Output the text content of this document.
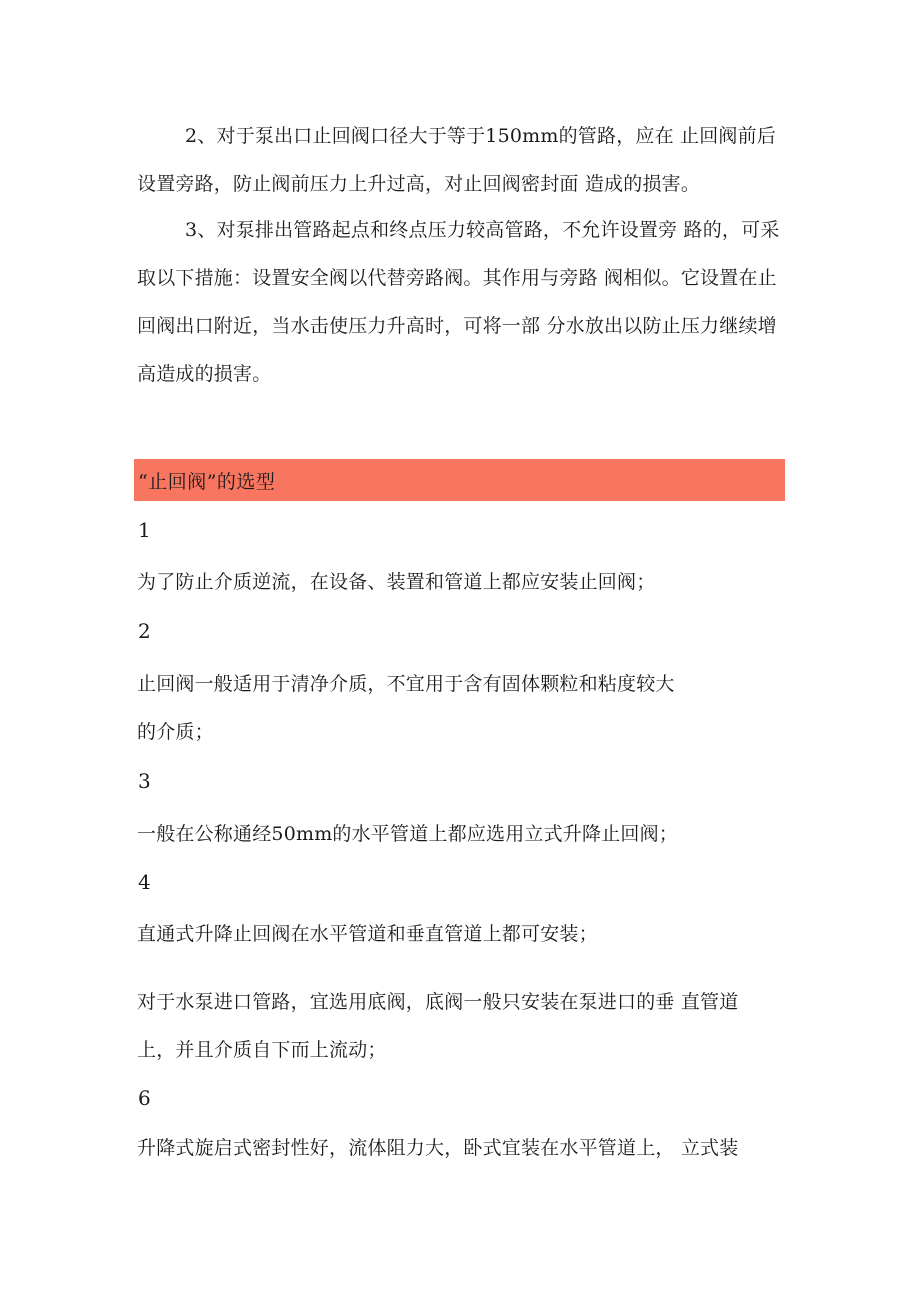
2、对于泵出口止回阀口径大于等于150mm的管路，应在 止回阀前后设置旁路，防止阀前压力上升过高，对止回阀密封面 造成的损害。

3、对泵排出管路起点和终点压力较高管路，不允许设置旁 路的，可采取以下措施：设置安全阀以代替旁路阀。其作用与旁路 阀相似。它设置在止回阀出口附近，当水击使压力升高时，可将一部 分水放出以防止压力继续增高造成的损害。

“止回阀”的选型
1
为了防止介质逆流，在设备、装置和管道上都应安装止回阀；
2
止回阀一般适用于清净介质，不宜用于含有固体颗粒和粘度较大
的介质；
3
一般在公称通经50mm的水平管道上都应选用立式升降止回阀；
4
直通式升降止回阀在水平管道和垂直管道上都可安装；
对于水泵进口管路，宜选用底阀，底阀一般只安装在泵进口的垂 直管道
上，并且介质自下而上流动；
6
升降式旋启式密封性好，流体阻力大，卧式宜装在水平管道上， 立式装
